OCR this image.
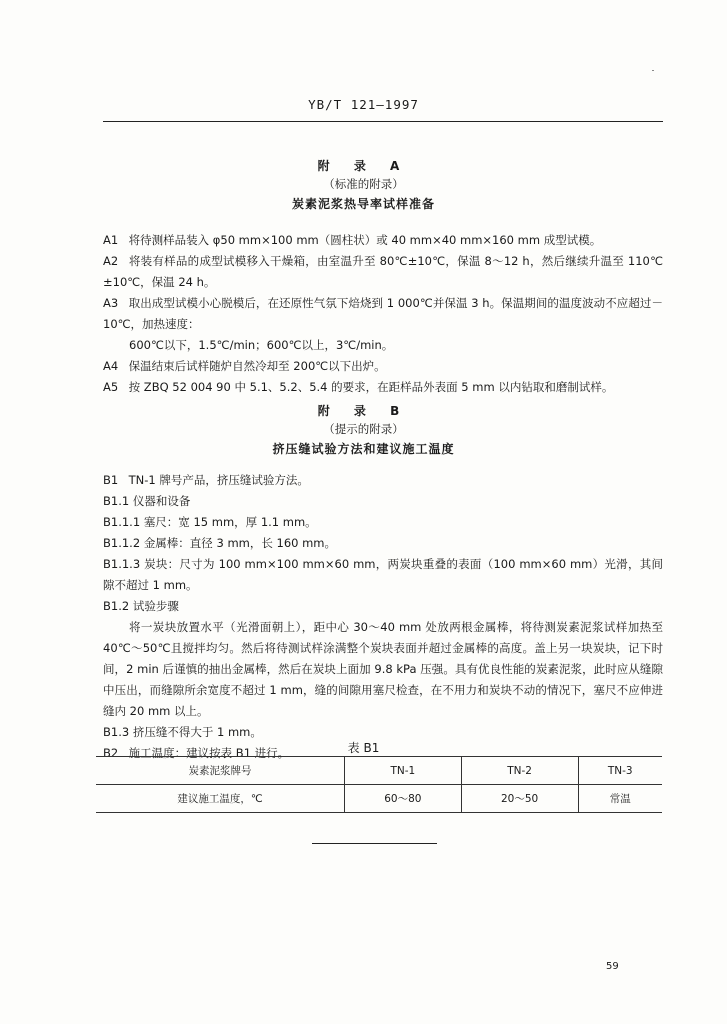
YB/T 121—1997
附 录 A
（标准的附录）
炭素泥浆热导率试样准备
A1 将待测样品装入 φ50 mm×100 mm（圆柱状）或 40 mm×40 mm×160 mm 成型试模。
A2 将装有样品的成型试模移入干燥箱，由室温升至 80℃±10℃，保温 8～12 h，然后继续升温至 110℃±10℃，保温 24 h。
A3 取出成型试模小心脱模后，在还原性气氛下焙烧到 1 000℃并保温 3 h。保温期间的温度波动不应超过－10℃，加热速度：
600℃以下，1.5℃/min；600℃以上，3℃/min。
A4 保温结束后试样随炉自然冷却至 200℃以下出炉。
A5 按 ZBQ 52 004 90 中 5.1、5.2、5.4 的要求，在距样品外表面 5 mm 以内钻取和磨制试样。
附 录 B
（提示的附录）
挤压缝试验方法和建议施工温度
B1 TN-1 牌号产品，挤压缝试验方法。
B1.1 仪器和设备
B1.1.1 塞尺：宽 15 mm，厚 1.1 mm。
B1.1.2 金属棒：直径 3 mm，长 160 mm。
B1.1.3 炭块：尺寸为 100 mm×100 mm×60 mm，两炭块重叠的表面（100 mm×60 mm）光滑，其间隙不超过 1 mm。
B1.2 试验步骤
将一炭块放置水平（光滑面朝上），距中心 30～40 mm 处放两根金属棒，将待测炭素泥浆试样加热至 40℃～50℃且搅拌均匀。然后将待测试样涂满整个炭块表面并超过金属棒的高度。盖上另一块炭块，记下时间，2 min 后谨慎的抽出金属棒，然后在炭块上面加 9.8 kPa 压强。具有优良性能的炭素泥浆，此时应从缝隙中压出，而缝隙所余宽度不超过 1 mm，缝的间隙用塞尺检查，在不用力和炭块不动的情况下，塞尺不应伸进缝内 20 mm 以上。
B1.3 挤压缝不得大于 1 mm。
B2 施工温度：建议按表 B1 进行。	表 B1
炭素泥浆牌号	TN-1	TN-2	TN-3
建议施工温度，℃	60～80	20～50	常温
59
